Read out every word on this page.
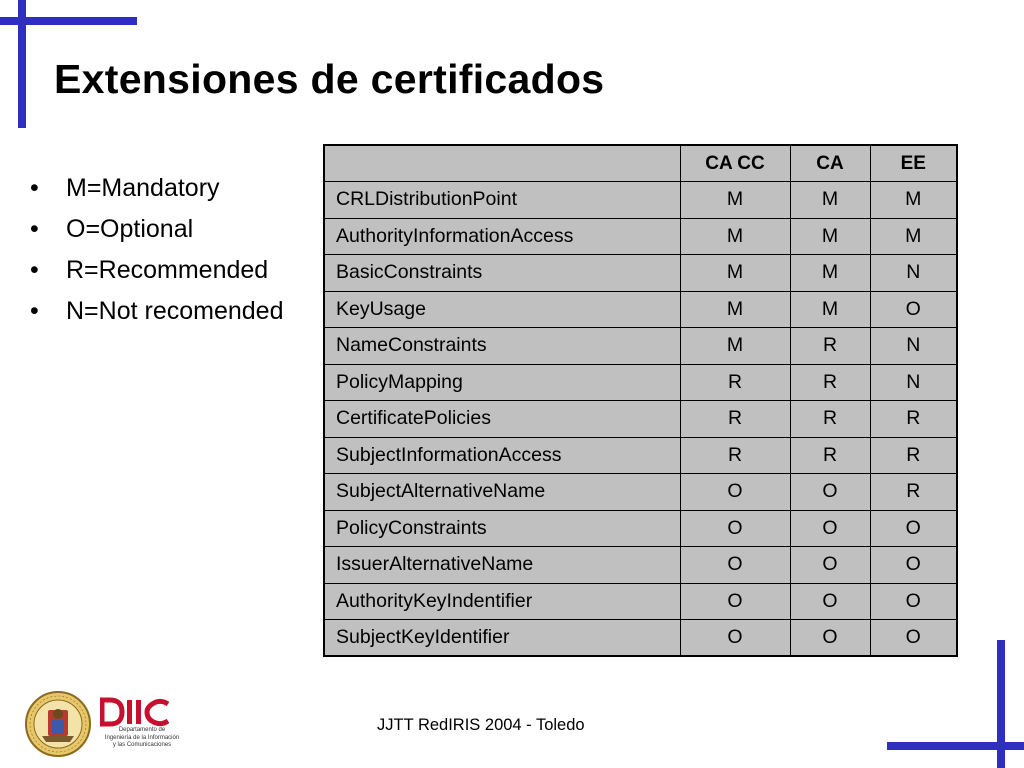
Extensiones de certificados
• M=Mandatory
• O=Optional
• R=Recommended
• N=Not recomended
	CA CC	CA	EE
CRLDistributionPoint	M	M	M
AuthorityInformationAccess	M	M	M
BasicConstraints	M	M	N
KeyUsage	M	M	O
NameConstraints	M	R	N
PolicyMapping	R	R	N
CertificatePolicies	R	R	R
SubjectInformationAccess	R	R	R
SubjectAlternativeName	O	O	R
PolicyConstraints	O	O	O
IssuerAlternativeName	O	O	O
AuthorityKeyIndentifier	O	O	O
SubjectKeyIdentifier	O	O	O
Departamento de
Ingeniería de la Información
y las Comunicaciones
JJTT RedIRIS 2004 - Toledo
